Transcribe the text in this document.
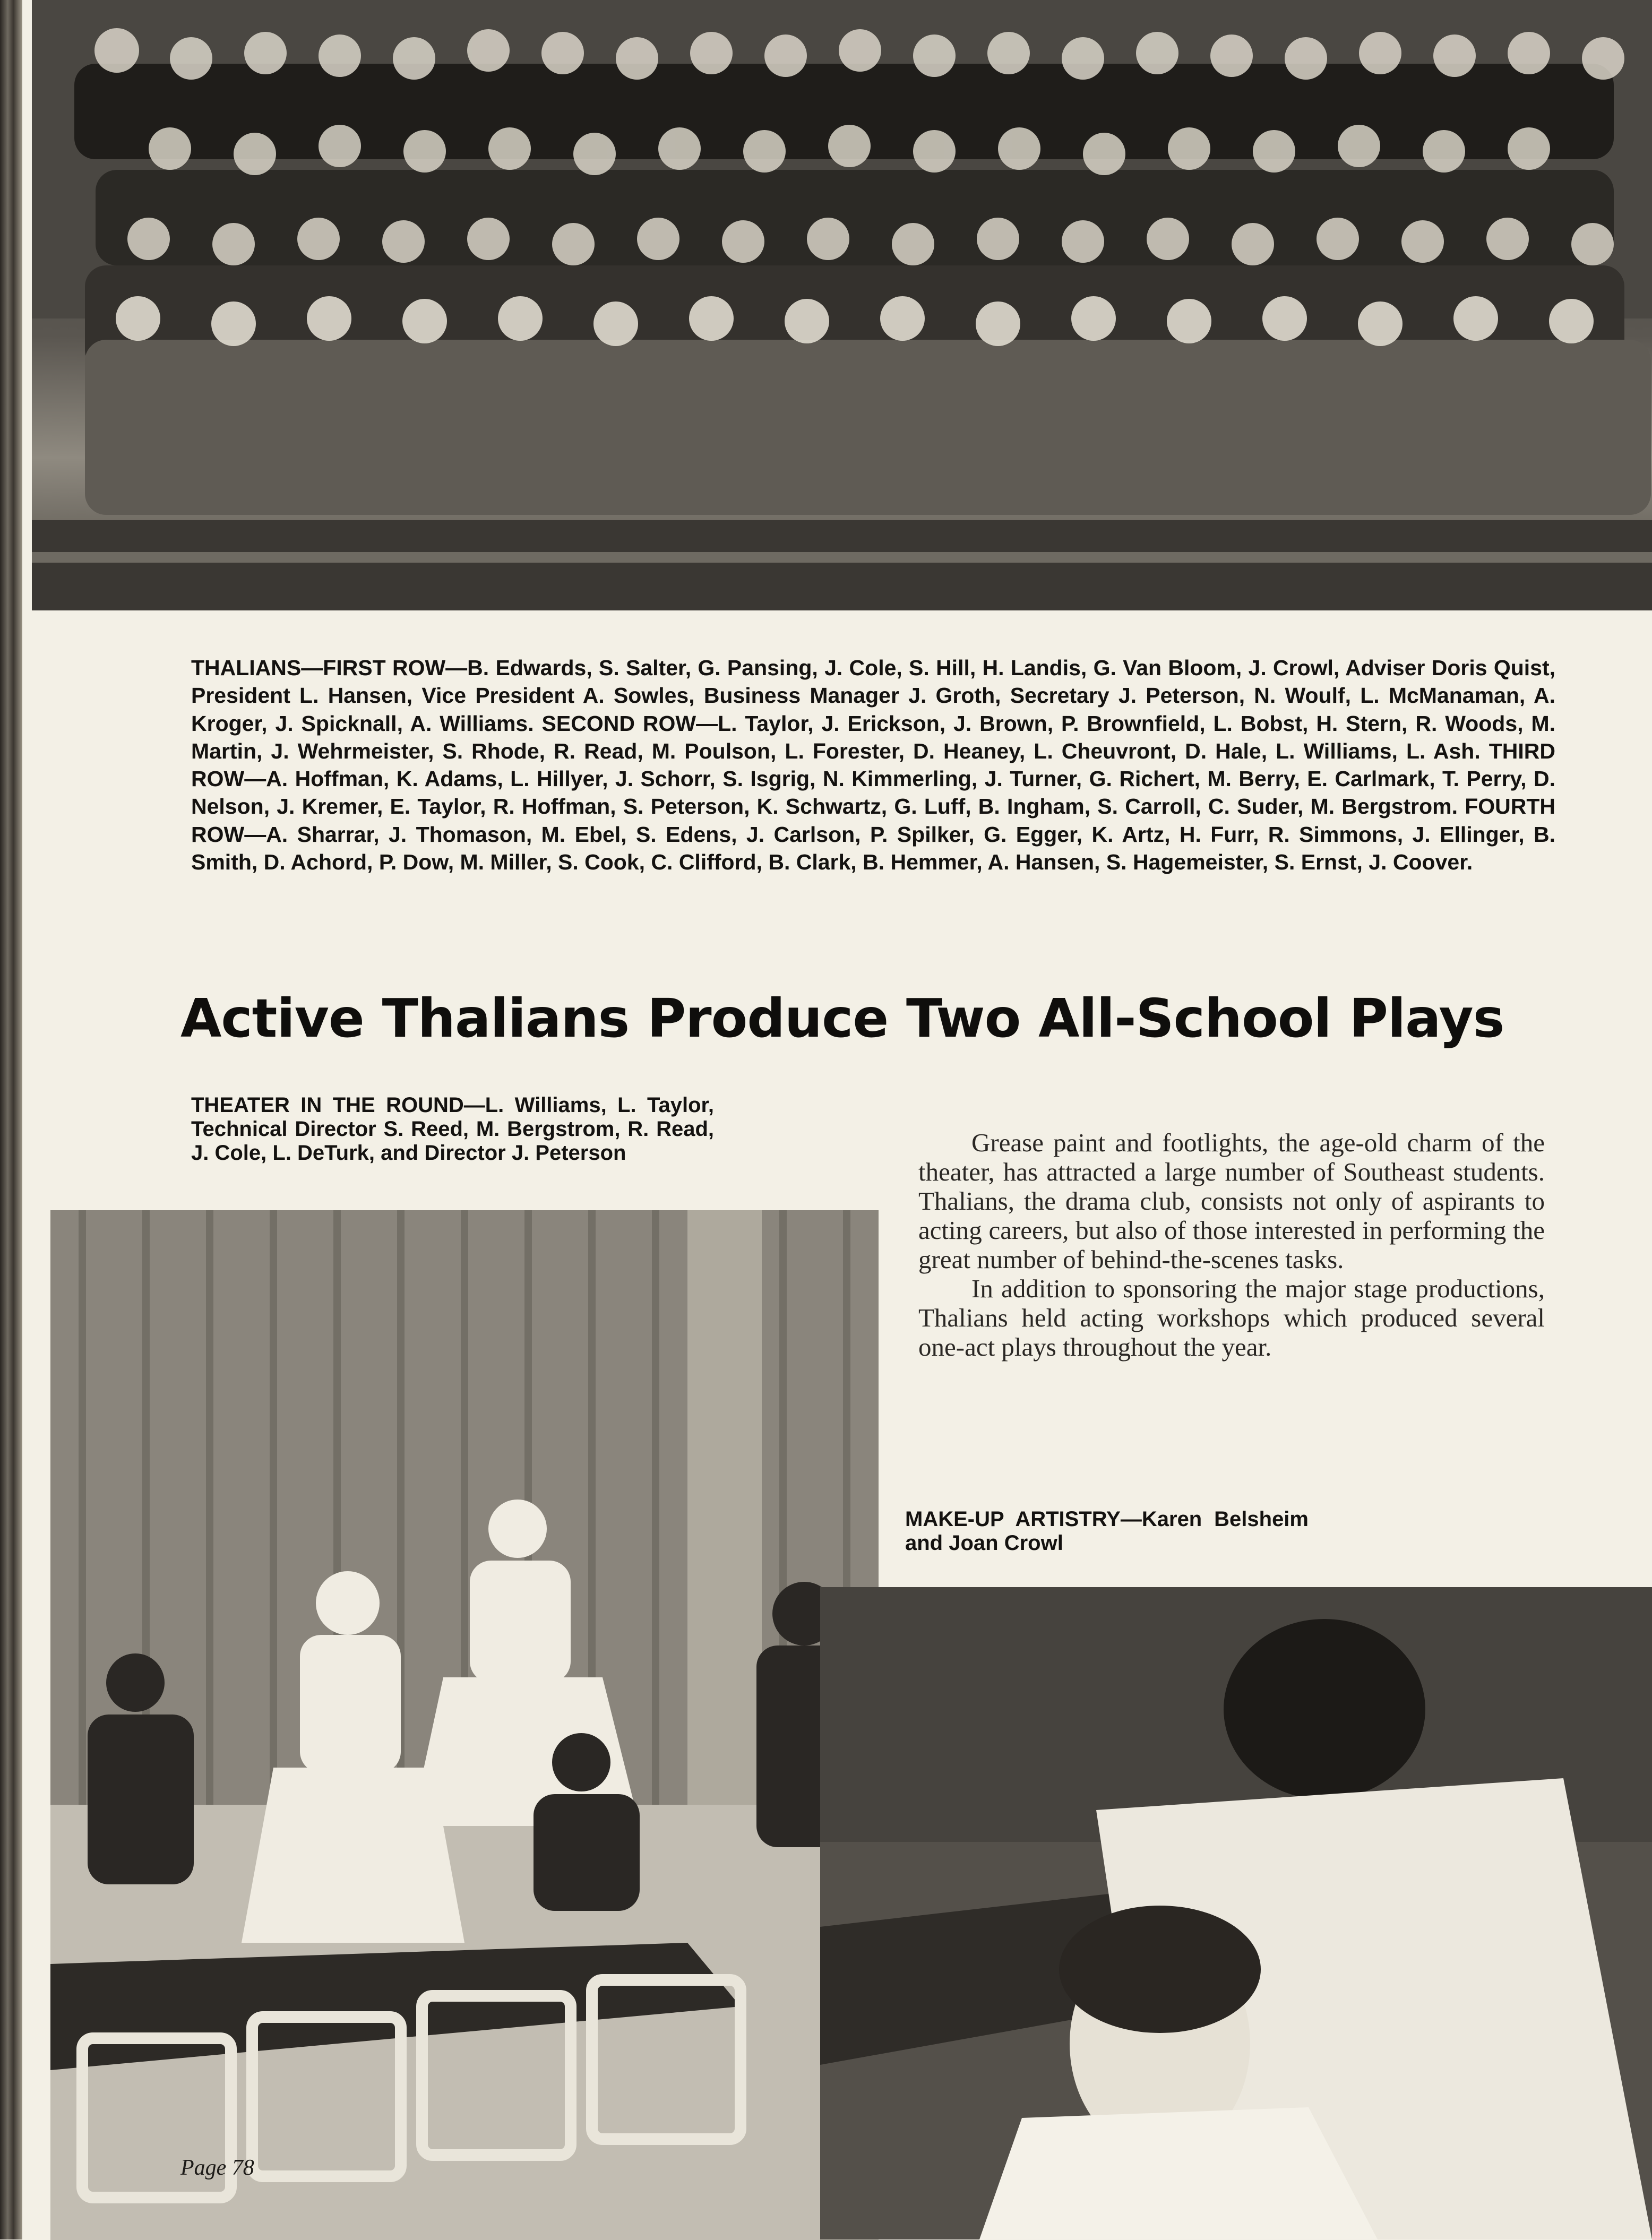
THALIANS—FIRST ROW—B. Edwards, S. Salter, G. Pansing, J. Cole, S. Hill, H. Landis, G. Van Bloom, J. Crowl, Adviser Doris Quist, President L. Hansen, Vice President A. Sowles, Business Manager J. Groth, Secretary J. Peterson, N. Woulf, L. McManaman, A. Kroger, J. Spicknall, A. Williams. SECOND ROW—L. Taylor, J. Erickson, J. Brown, P. Brownfield, L. Bobst, H. Stern, R. Woods, M. Martin, J. Wehrmeister, S. Rhode, R. Read, M. Poulson, L. Forester, D. Heaney, L. Cheuvront, D. Hale, L. Williams, L. Ash. THIRD ROW—A. Hoffman, K. Adams, L. Hillyer, J. Schorr, S. Isgrig, N. Kimmerling, J. Turner, G. Richert, M. Berry, E. Carlmark, T. Perry, D. Nelson, J. Kremer, E. Taylor, R. Hoffman, S. Peterson, K. Schwartz, G. Luff, B. Ingham, S. Carroll, C. Suder, M. Bergstrom. FOURTH ROW—A. Sharrar, J. Thomason, M. Ebel, S. Edens, J. Carlson, P. Spilker, G. Egger, K. Artz, H. Furr, R. Simmons, J. Ellinger, B. Smith, D. Achord, P. Dow, M. Miller, S. Cook, C. Clifford, B. Clark, B. Hemmer, A. Hansen, S. Hagemeister, S. Ernst, J. Coover.
Active Thalians Produce Two All-School Plays
THEATER IN THE ROUND—L. Williams, L. Taylor, Technical Director S. Reed, M. Bergstrom, R. Read, J. Cole, L. DeTurk, and Director J. Peterson	Grease paint and footlights, the age-old charm of the theater, has attracted a large number of Southeast students. Thalians, the drama club, consists not only of aspirants to acting careers, but also of those interested in performing the great number of behind-the-scenes tasks.

In addition to sponsoring the major stage productions, Thalians held acting workshops which produced several one-act plays throughout the year.

MAKE-UP ARTISTRY—Karen Belsheim and Joan Crowl
Page 78
